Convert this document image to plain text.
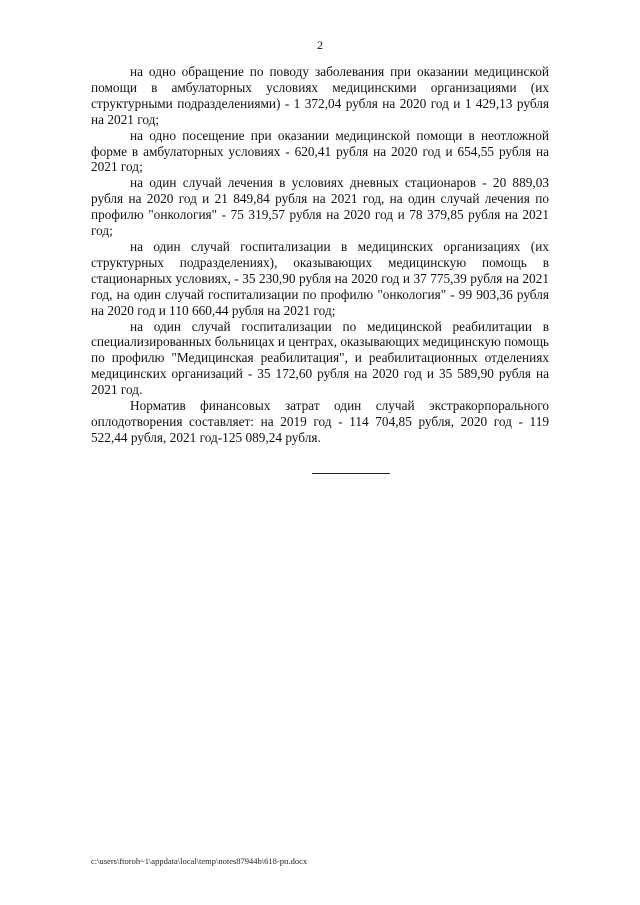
2

на одно обращение по поводу заболевания при оказании медицинской помощи в амбулаторных условиях медицинскими организациями (их структурными подразделениями) - 1 372,04 рубля на 2020 год и 1 429,13 рубля на 2021 год;

на одно посещение при оказании медицинской помощи в неотложной форме в амбулаторных условиях - 620,41 рубля на 2020 год и 654,55 рубля на 2021 год;

на один случай лечения в условиях дневных стационаров - 20 889,03 рубля на 2020 год и 21 849,84 рубля на 2021 год, на один случай лечения по профилю "онкология" - 75 319,57 рубля на 2020 год и 78 379,85 рубля на 2021 год;

на один случай госпитализации в медицинских организациях (их структурных подразделениях), оказывающих медицинскую помощь в стационарных условиях, - 35 230,90 рубля на 2020 год и 37 775,39 рубля на 2021 год, на один случай госпитализации по профилю "онкология" - 99 903,36 рубля на 2020 год и 110 660,44 рубля на 2021 год;

на один случай госпитализации по медицинской реабилитации в специализированных больницах и центрах, оказывающих медицинскую помощь по профилю "Медицинская реабилитация", и реабилитационных отделениях медицинских организаций - 35 172,60 рубля на 2020 год и 35 589,90 рубля на 2021 год.

Норматив финансовых затрат один случай экстракорпорального оплодотворения составляет: на 2019 год - 114 704,85 рубля, 2020 год - 119 522,44 рубля, 2021 год-125 089,24 рубля.

c:\users\ftoroh~1\appdata\local\temp\notes87944b\618-рп.docx
